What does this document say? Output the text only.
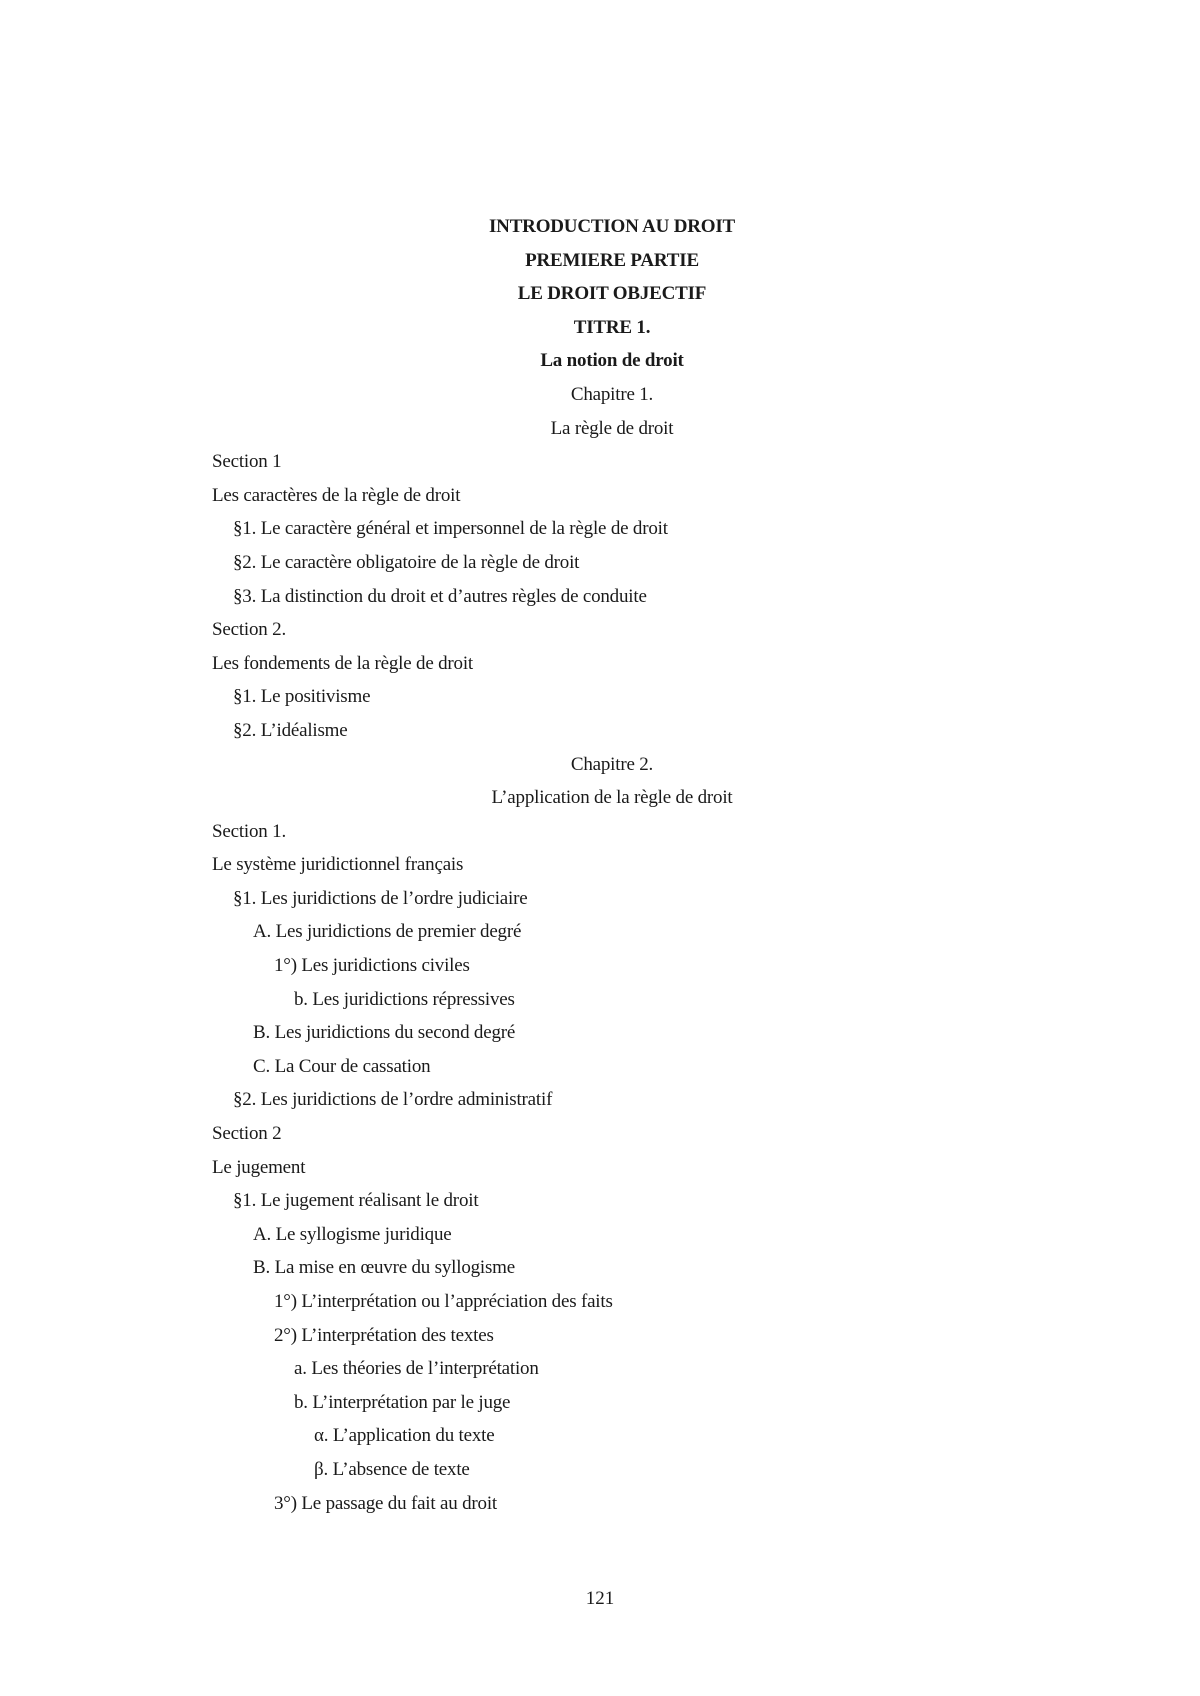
INTRODUCTION AU DROIT
PREMIERE PARTIE
LE DROIT OBJECTIF
TITRE 1.
La notion de droit
Chapitre 1.
La règle de droit
Section 1
Les caractères de la règle de droit
§1. Le caractère général et impersonnel de la règle de droit
§2. Le caractère obligatoire de la règle de droit
§3. La distinction du droit et d’autres règles de conduite
Section 2.
Les fondements de la règle de droit
§1. Le positivisme
§2. L’idéalisme
Chapitre 2.
L’application de la règle de droit
Section 1.
Le système juridictionnel français
§1. Les juridictions de l’ordre judiciaire
A. Les juridictions de premier degré
1°) Les juridictions civiles
b. Les juridictions répressives
B. Les juridictions du second degré
C. La Cour de cassation
§2. Les juridictions de l’ordre administratif
Section 2
Le jugement
§1. Le jugement réalisant le droit
A. Le syllogisme juridique
B. La mise en œuvre du syllogisme
1°) L’interprétation ou l’appréciation des faits
2°) L’interprétation des textes
a. Les théories de l’interprétation
b. L’interprétation par le juge
α. L’application du texte
β. L’absence de texte
3°) Le passage du fait au droit
121
